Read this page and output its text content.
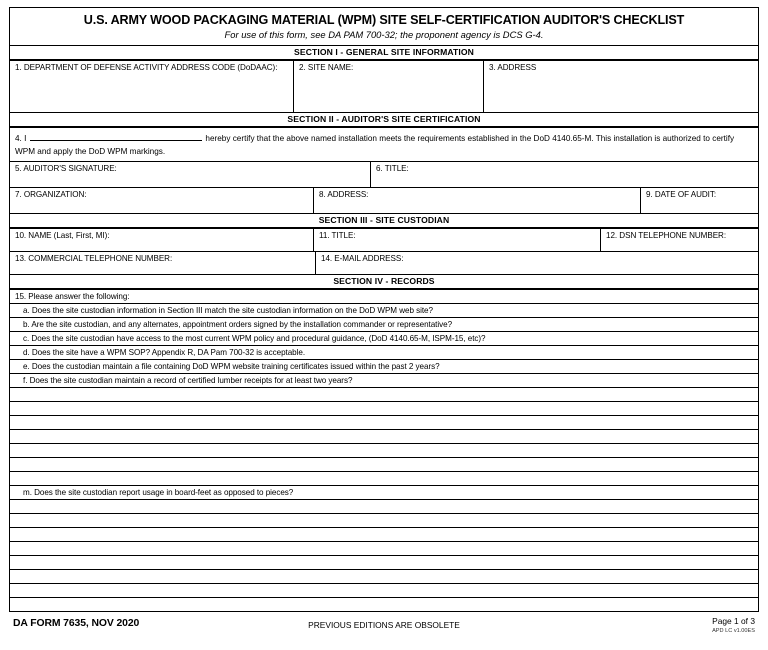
U.S. ARMY WOOD PACKAGING MATERIAL (WPM) SITE SELF-CERTIFICATION AUDITOR'S CHECKLIST
For use of this form, see DA PAM 700-32; the proponent agency is DCS G-4.
SECTION I - GENERAL SITE INFORMATION
1. DEPARTMENT OF DEFENSE ACTIVITY ADDRESS CODE (DoDAAC):	2. SITE NAME:	3. ADDRESS
SECTION II - AUDITOR'S SITE CERTIFICATION
4. I	hereby certify that the above named installation meets the requirements established in the DoD 4140.65-M. This installation is authorized to certify WPM and apply the DoD WPM markings.
5. AUDITOR'S SIGNATURE:	6. TITLE:
7. ORGANIZATION:	8. ADDRESS:	9. DATE OF AUDIT:
SECTION III - SITE CUSTODIAN
10. NAME (Last, First, MI):	11. TITLE:	12. DSN TELEPHONE NUMBER:
13. COMMERCIAL TELEPHONE NUMBER:	14. E-MAIL ADDRESS:
SECTION IV - RECORDS
15. Please answer the following:
a. Does the site custodian information in Section III match the site custodian information on the DoD WPM web site?
b. Are the site custodian, and any alternates, appointment orders signed by the installation commander or representative?
c. Does the site custodian have access to the most current WPM policy and procedural guidance, (DoD 4140.65-M, ISPM-15, etc)?
d. Does the site have a WPM SOP? Appendix R, DA Pam 700-32 is acceptable.
e. Does the custodian maintain a file containing DoD WPM website training certificates issued within the past 2 years?
f. Does the site custodian maintain a record of certified lumber receipts for at least two years?
m. Does the site custodian report usage in board-feet as opposed to pieces?
DA FORM 7635, NOV 2020	PREVIOUS EDITIONS ARE OBSOLETE	Page 1 of 3
APD LC v1.00ES
